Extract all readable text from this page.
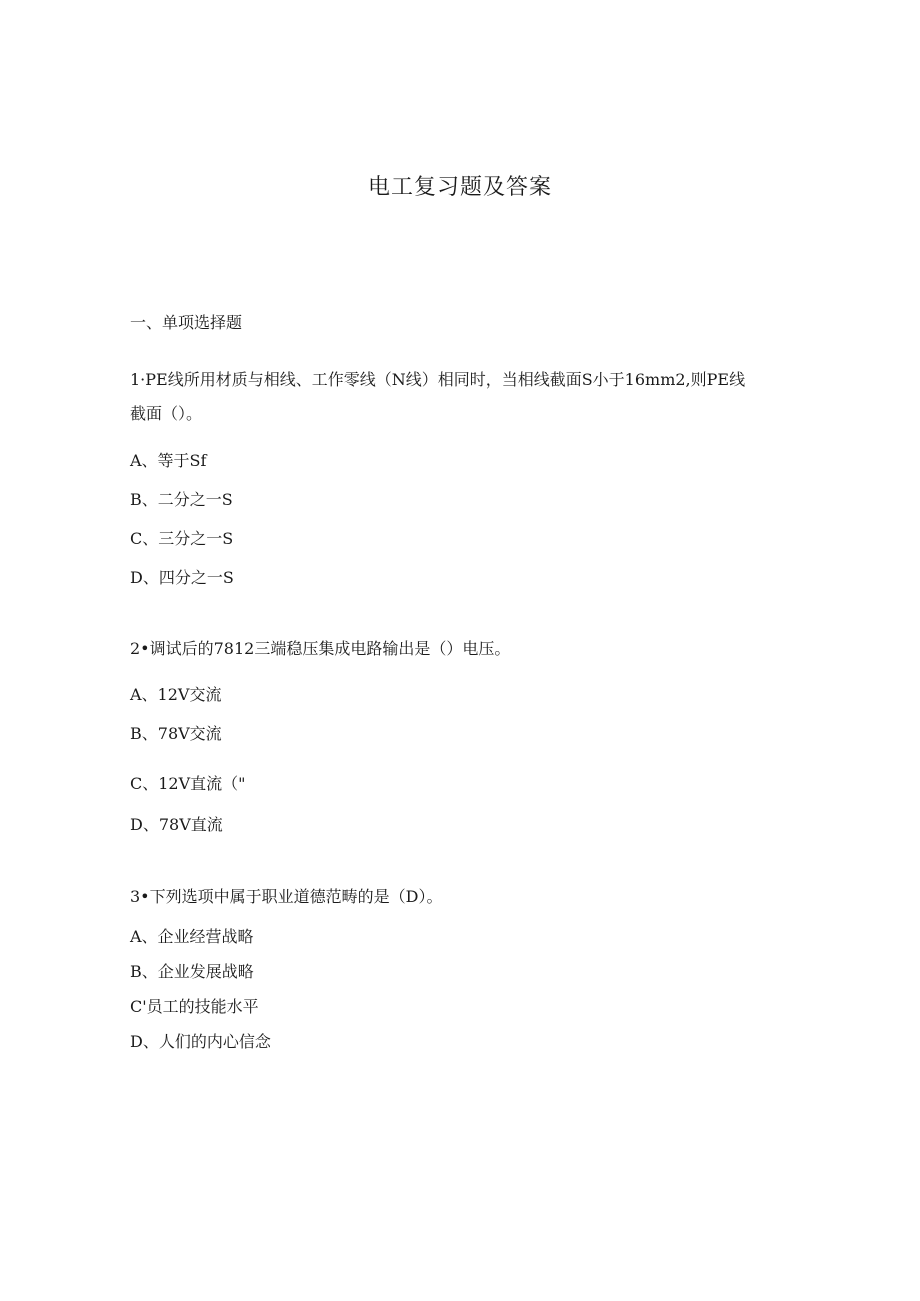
电工复习题及答案
一、单项选择题
1·PE线所用材质与相线、工作零线（N线）相同时，当相线截面S小于16mm2,则PE线
截面（）。
A、等于Sf
B、二分之一S
C、三分之一S
D、四分之一S
2•调试后的7812三端稳压集成电路输出是（）电压。
A、12V交流
B、78V交流
C、12V直流（"
D、78V直流
3•下列选项中属于职业道德范畴的是（D）。
A、企业经营战略
B、企业发展战略
C'员工的技能水平
D、人们的内心信念
